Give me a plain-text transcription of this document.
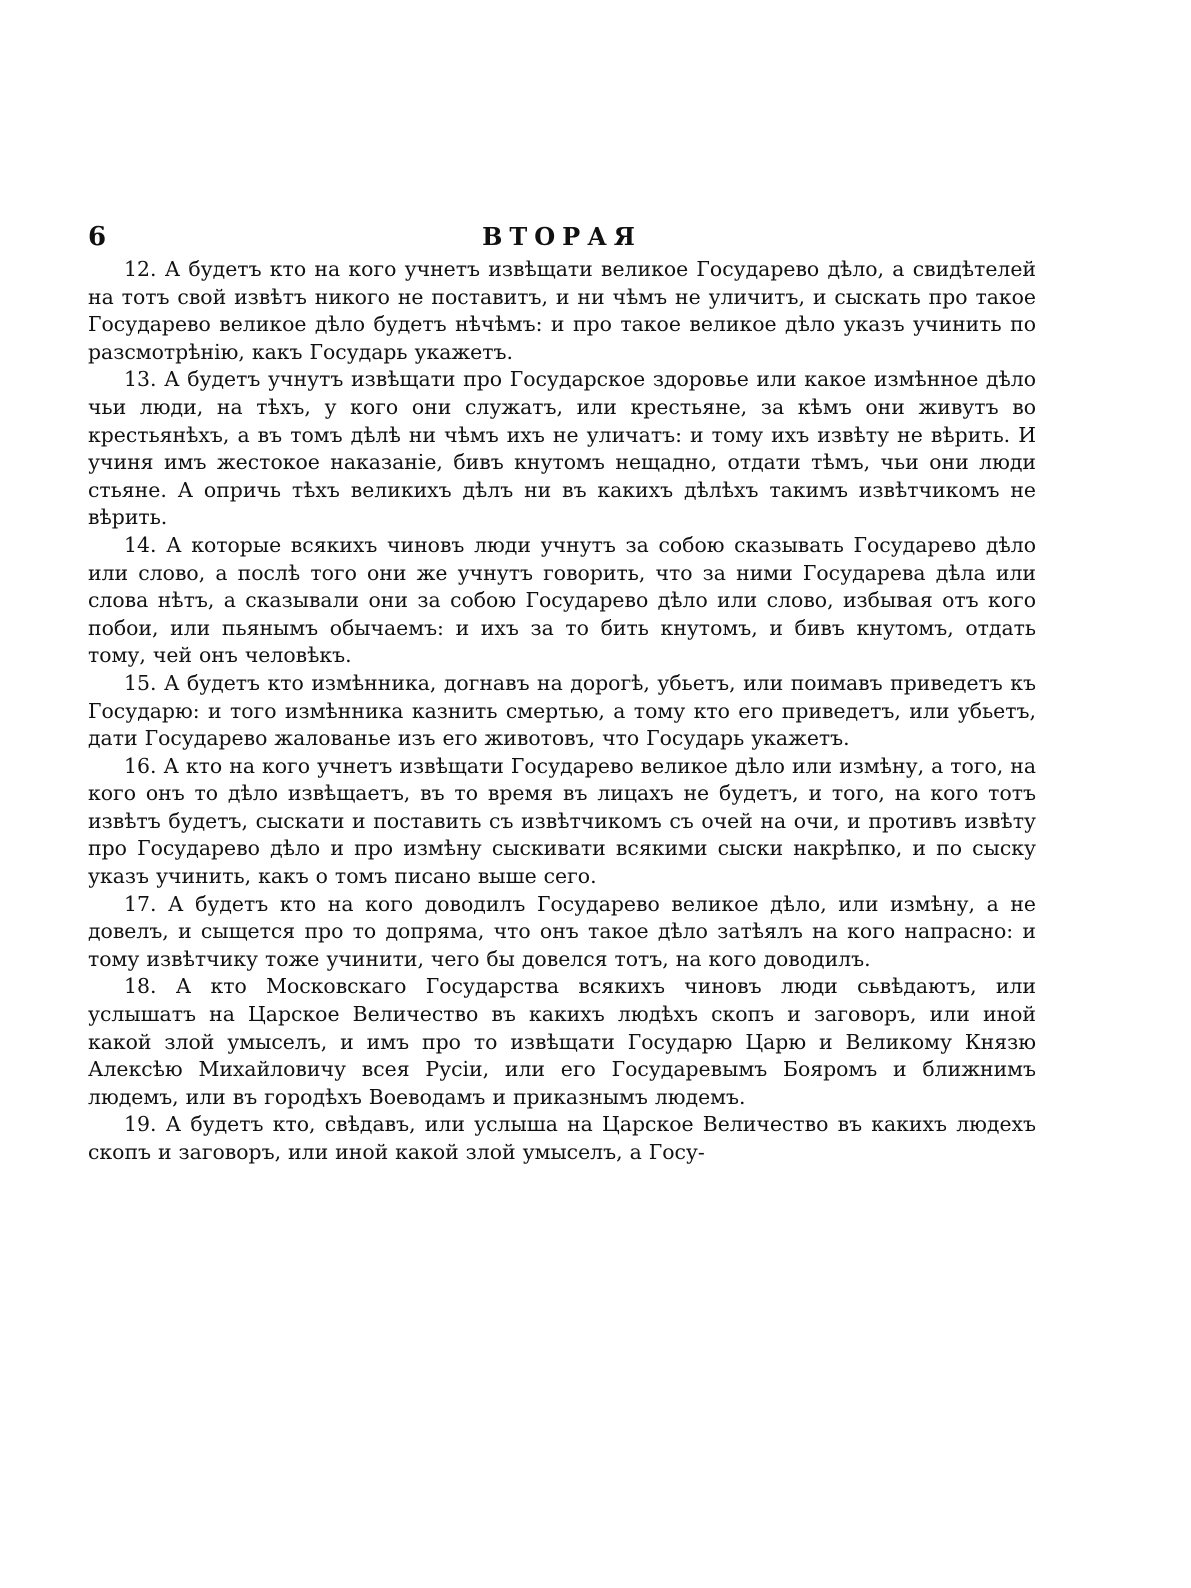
6	ВТОРАЯ

12. А будетъ кто на кого учнетъ извѣщати великое Государево дѣло, а свидѣтелей на тотъ свой извѣтъ никого не поставитъ, и ни чѣмъ не уличитъ, и сыскать про такое Государево великое дѣло будетъ нѣчѣмъ: и про такое великое дѣло указъ учинить по разсмотрѣнiю, какъ Государь укажетъ.

13. А будетъ учнутъ извѣщати про Государское здоровье или какое измѣнное дѣло чьи люди, на тѣхъ, у кого они служатъ, или крестьяне, за кѣмъ они живутъ во крестьянѣхъ, а въ томъ дѣлѣ ни чѣмъ ихъ не уличатъ: и тому ихъ извѣту не вѣрить. И учиня имъ жестокое наказанiе, бивъ кнутомъ нещадно, отдати тѣмъ, чьи они люди стьяне. А опричь тѣхъ великихъ дѣлъ ни въ какихъ дѣлѣхъ такимъ извѣтчикомъ не вѣрить.

14. А которые всякихъ чиновъ люди учнутъ за собою сказывать Государево дѣло или слово, а послѣ того они же учнутъ говорить, что за ними Государева дѣла или слова нѣтъ, а сказывали они за собою Государево дѣло или слово, избывая отъ кого побои, или пьянымъ обычаемъ: и ихъ за то бить кнутомъ, и бивъ кнутомъ, отдать тому, чей онъ человѣкъ.

15. А будетъ кто измѣнника, догнавъ на дорогѣ, убьетъ, или поимавъ приведетъ къ Государю: и того измѣнника казнить смертью, а тому кто его приведетъ, или убьетъ, дати Государево жалованье изъ его животовъ, что Государь укажетъ.

16. А кто на кого учнетъ извѣщати Государево великое дѣло или измѣну, а того, на кого онъ то дѣло извѣщаетъ, въ то время въ лицахъ не будетъ, и того, на кого тотъ извѣтъ будетъ, сыскати и поставить съ извѣтчикомъ съ очей на очи, и противъ извѣту про Государево дѣло и про измѣну сыскивати всякими сыски накрѣпко, и по сыску указъ учинить, какъ о томъ писано выше сего.

17. А будетъ кто на кого доводилъ Государево великое дѣло, или измѣну, а не довелъ, и сыщется про то допряма, что онъ такое дѣло затѣялъ на кого напрасно: и тому извѣтчику тоже учинити, чего бы довелся тотъ, на кого доводилъ.

18. А кто Московскаго Государства всякихъ чиновъ люди сьвѣдаютъ, или услышатъ на Царское Величество въ какихъ людѣхъ скопъ и заговоръ, или иной какой злой умыселъ, и имъ про то извѣщати Государю Царю и Великому Князю Алексѣю Михайловичу всея Русiи, или его Государевымъ Бояромъ и ближнимъ людемъ, или въ городѣхъ Воеводамъ и приказнымъ людемъ.

19. А будетъ кто, свѣдавъ, или услыша на Царское Величество въ какихъ людехъ скопъ и заговоръ, или иной какой злой умыселъ, а Госу-
